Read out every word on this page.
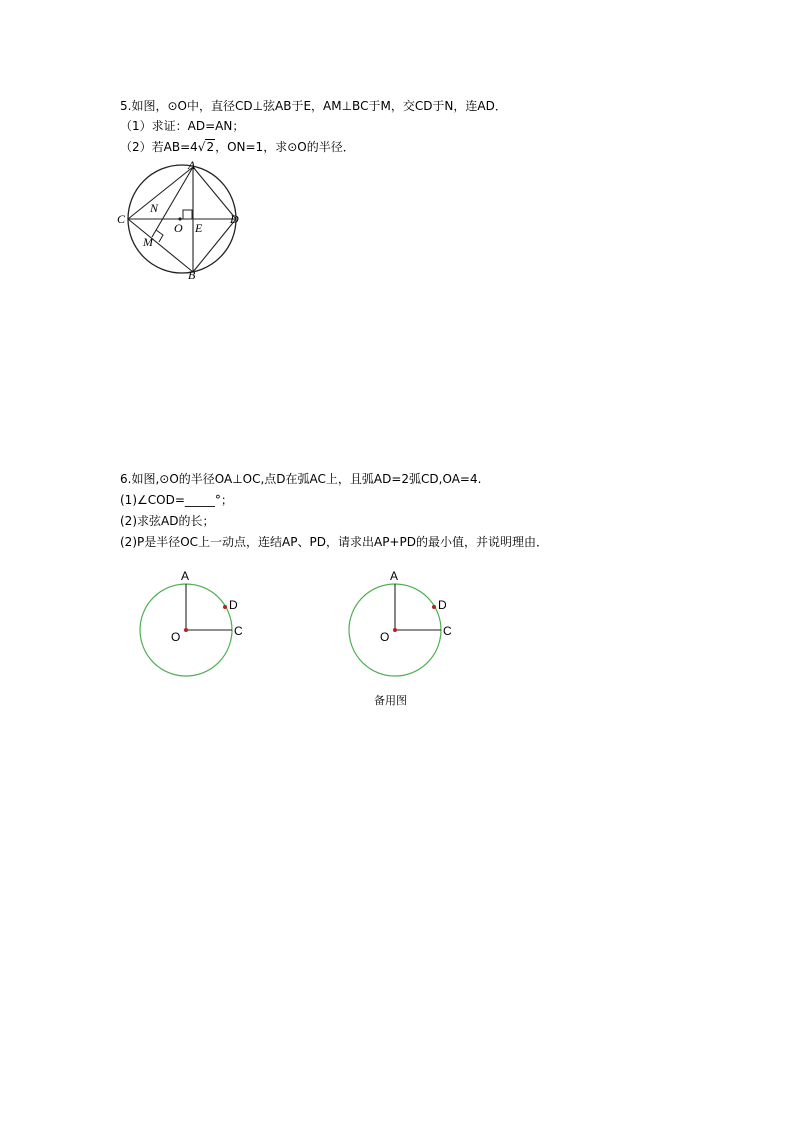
5.如图，⊙O中，直径CD⊥弦AB于E，AM⊥BC于M，交CD于N，连AD．
（1）求证：AD=AN；
（2）若AB=4√2，ON=1，求⊙O的半径．
A
C	D
N
O E
M
B
6.如图,⊙O的半径OA⊥OC,点D在弧AC上，且弧AD=2弧CD,OA=4.
(1)∠COD=_____°；
(2)求弦AD的长；
(2)P是半径OC上一动点，连结AP、PD，请求出AP+PD的最小值，并说明理由．
A
D
C
O
A
D
C
O
备用图
